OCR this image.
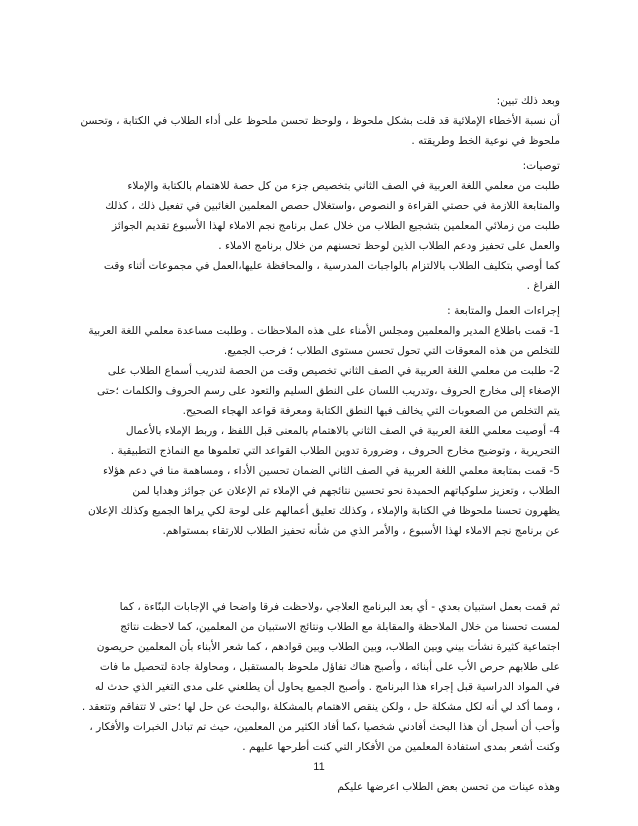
وبعد ذلك تبين:
أن نسبة الأخطاء الإملائية قد قلت بشكل ملحوظ ، ولوحظ تحسن ملحوظ على أداء الطلاب في الكتابة ، وتحسن
ملحوظ في نوعية الخط وطريقته .
توصيات:
طلبت من معلمي اللغة العربية في الصف الثاني بتخصيص جزء من كل حصة للاهتمام بالكتابة والإملاء
والمتابعة اللازمة في حصتي القراءة و النصوص ،واستغلال حصص المعلمين الغائبين في تفعيل ذلك ، كذلك
طلبت من زملائي المعلمين بتشجيع الطلاب من خلال عمل برنامج نجم الاملاء لهذا الأسبوع تقديم الجوائز
والعمل على تحفيز ودعم الطلاب الذين لوحظ تحسنهم من خلال برنامج الاملاء .
كما أوصي بتكليف الطلاب بالالتزام بالواجبات المدرسية ، والمحافظة عليها،العمل في مجموعات أثناء وقت
الفراغ .
إجراءات العمل والمتابعة :
1- قمت باطلاع المدير والمعلمين ومجلس الأمناء على هذه الملاحظات . وطلبت مساعدة معلمي اللغة العربية
للتخلص من هذه المعوقات التي تحول تحسن مستوى الطلاب ؛ فرحب الجميع.
2- طلبت من معلمي اللغة العربية في الصف الثاني تخصيص وقت من الحصة لتدريب أسماع الطلاب على
الإصغاء إلى مخارج الحروف ،وتدريب اللسان على النطق السليم والتعود على رسم الحروف والكلمات ؛حتى
يتم التخلص من الصعوبات التي يخالف فيها النطق الكتابة ومعرفة قواعد الهجاء الصحيح.
4- أوصيت معلمي اللغة العربية في الصف الثاني بالاهتمام بالمعنى قبل اللفظ ، وربط الإملاء بالأعمال
التحريرية ، وتوضيح مخارج الحروف ، وضرورة تدوين الطلاب القواعد التي تعلموها مع النماذج التطبيقية .
5- قمت بمتابعة معلمي اللغة العربية في الصف الثاني الضمان تحسين الأداء ، ومساهمة منا في دعم هؤلاء
الطلاب ، وتعزيز سلوكياتهم الحميدة نحو تحسين نتائجهم في الإملاء تم الإعلان عن جوائز وهدايا لمن
يظهرون تحسنا ملحوظا في الكتابة والإملاء ، وكذلك تعليق أعمالهم على لوحة لكي يراها الجميع وكذلك الإعلان
عن برنامج نجم الاملاء لهذا الأسبوع ، والأمر الذي من شأنه تحفيز الطلاب للارتقاء بمستواهم.
ثم قمت بعمل استبيان بعدي - أي بعد البرنامج العلاجي ،ولاحظت فرقا واضحا في الإجابات البنّاءة ، كما
لمست تحسنا من خلال الملاحظة والمقابلة مع الطلاب ونتائج الاستبيان من المعلمين، كما لاحظت نتائج
اجتماعية كثيرة نشأت بيني وبين الطلاب، وبين الطلاب وبين قوادهم ، كما شعر الأبناء بأن المعلمين حريصون
على طلابهم حرص الأب على أبنائه ، وأصبح هناك تفاؤل ملحوظ بالمستقبل ، ومحاولة جادة لتحصيل ما فات
في المواد الدراسية قبل إجراء هذا البرنامج . وأصبح الجميع يحاول أن يطلعني على مدى التغير الذي حدث له
، ومما أكد لي أنه لكل مشكلة حل ، ولكن ينقص الاهتمام بالمشكلة ،والبحث عن حل لها ؛حتى لا تتفاقم وتتعقد .
وأحب أن أسجل أن هذا البحث أفادني شخصيا ،كما أفاد الكثير من المعلمين، حيث تم تبادل الخبرات والأفكار ،
وكنت أشعر بمدى استفادة المعلمين من الأفكار التي كنت أطرحها عليهم .
وهذه عينات من تحسن بعض الطلاب اعرضها عليكم
11
